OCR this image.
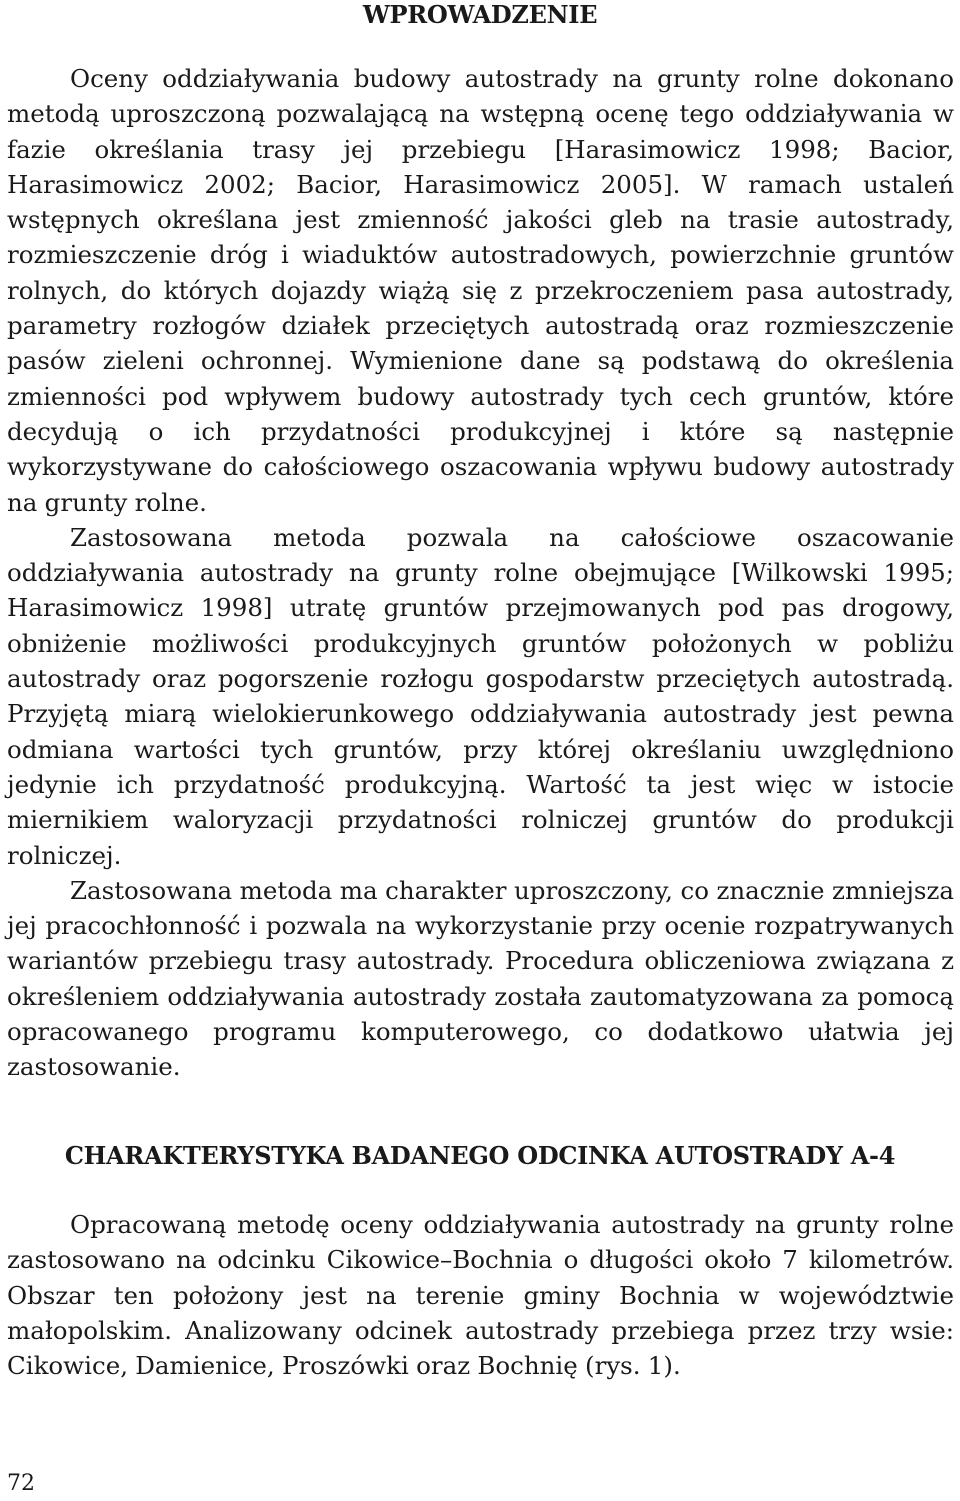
WPROWADZENIE

Oceny oddziaływania budowy autostrady na grunty rolne dokonano metodą uproszczoną pozwalającą na wstępną ocenę tego oddziaływania w fazie określania trasy jej przebiegu [Harasimowicz 1998; Bacior, Harasimowicz 2002; Bacior, Harasimowicz 2005]. W ramach ustaleń wstępnych określana jest zmienność jakości gleb na trasie autostrady, rozmieszczenie dróg i wiaduktów autostradowych, powierzchnie gruntów rolnych, do których dojazdy wiążą się z przekroczeniem pasa autostrady, parametry rozłogów działek przeciętych autostradą oraz rozmieszczenie pasów zieleni ochronnej. Wymienione dane są podstawą do określenia zmienności pod wpływem budowy autostrady tych cech gruntów, które decydują o ich przydatności produkcyjnej i które są następnie wykorzystywane do całościowego oszacowania wpływu budowy autostrady na grunty rolne.

Zastosowana metoda pozwala na całościowe oszacowanie oddziaływania autostrady na grunty rolne obejmujące [Wilkowski 1995; Harasimowicz 1998] utratę gruntów przejmowanych pod pas drogowy, obniżenie możliwości produkcyjnych gruntów położonych w pobliżu autostrady oraz pogorszenie rozłogu gospodarstw przeciętych autostradą. Przyjętą miarą wielokierunkowego oddziaływania autostrady jest pewna odmiana wartości tych gruntów, przy której określaniu uwzględniono jedynie ich przydatność produkcyjną. Wartość ta jest więc w istocie miernikiem waloryzacji przydatności rolniczej gruntów do produkcji rolniczej.

Zastosowana metoda ma charakter uproszczony, co znacznie zmniejsza jej pracochłonność i pozwala na wykorzystanie przy ocenie rozpatrywanych wariantów przebiegu trasy autostrady. Procedura obliczeniowa związana z określeniem oddziaływania autostrady została zautomatyzowana za pomocą opracowanego programu komputerowego, co dodatkowo ułatwia jej zastosowanie.

CHARAKTERYSTYKA BADANEGO ODCINKA AUTOSTRADY A-4

Opracowaną metodę oceny oddziaływania autostrady na grunty rolne zastosowano na odcinku Cikowice–Bochnia o długości około 7 kilometrów. Obszar ten położony jest na terenie gminy Bochnia w województwie małopolskim. Analizowany odcinek autostrady przebiega przez trzy wsie: Cikowice, Damienice, Proszówki oraz Bochnię (rys. 1).

72
